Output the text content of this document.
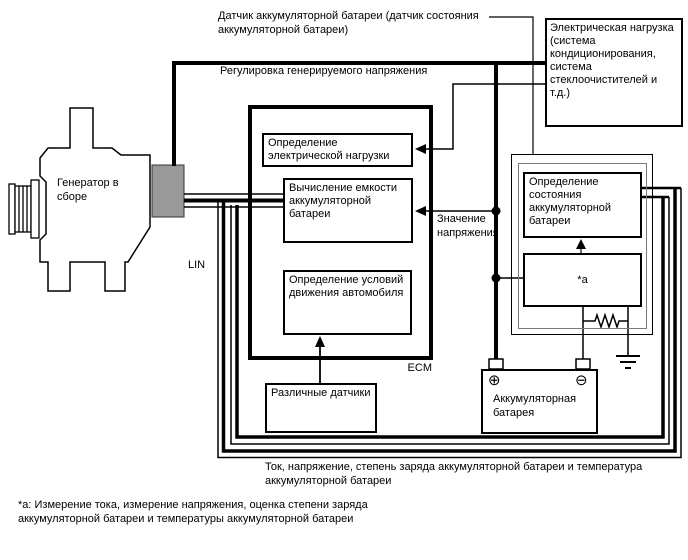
Датчик аккумуляторной батареи (датчик состояния аккумуляторной батареи)
Регулировка генерируемого напряжения
LIN
Генератор в сборе
Значение напряжения
ECM
Ток, напряжение, степень заряда аккумуляторной батареи и температура аккумуляторной батареи
*a: Измерение тока, измерение напряжения, оценка степени заряда аккумуляторной батареи и температуры аккумуляторной батареи
Электрическая нагрузка (система кондиционирования, система стеклоочистителей и т.д.)
Определение электрической нагрузки
Вычисление емкости аккумуляторной батареи
Определение условий движения автомобиля
Различные датчики
Определение состояния аккумуляторной батареи
*a
⊕	⊖
Аккумуляторная батарея
